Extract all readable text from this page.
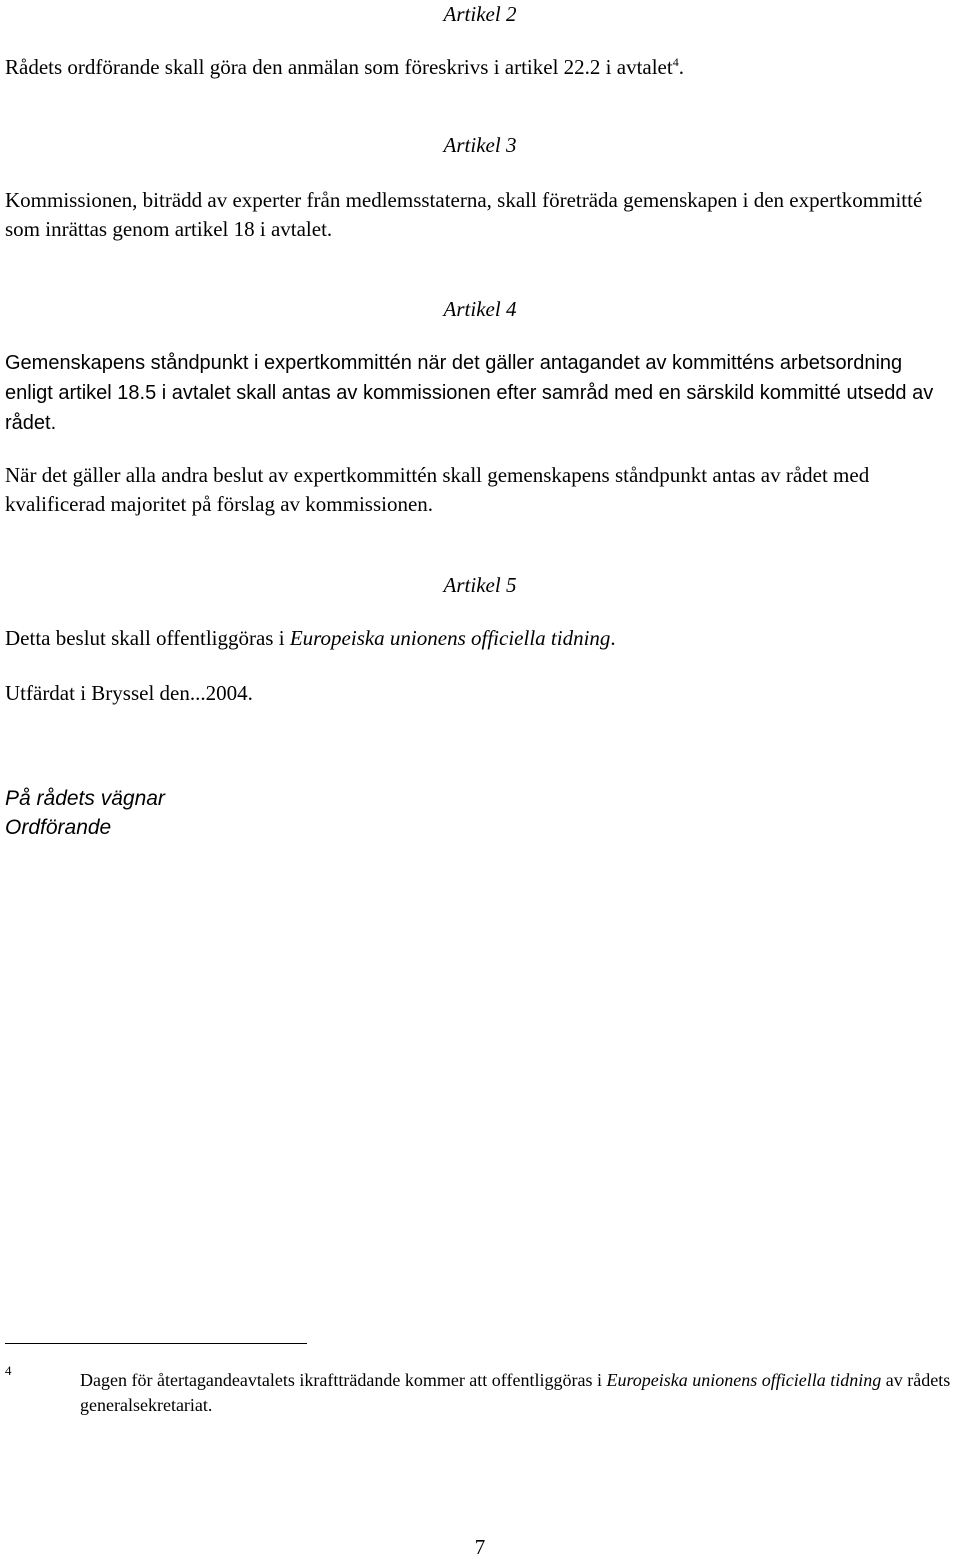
Artikel 2

Rådets ordförande skall göra den anmälan som föreskrivs i artikel 22.2 i avtalet$^4$.

Artikel 3

Kommissionen, biträdd av experter från medlemsstaterna, skall företräda gemenskapen i den expertkommitté som inrättas genom artikel 18 i avtalet.

Artikel 4

Gemenskapens ståndpunkt i expertkommittén när det gäller antagandet av kommitténs arbetsordning enligt artikel 18.5 i avtalet skall antas av kommissionen efter samråd med en särskild kommitté utsedd av rådet.

När det gäller alla andra beslut av expertkommittén skall gemenskapens ståndpunkt antas av rådet med kvalificerad majoritet på förslag av kommissionen.

Artikel 5

Detta beslut skall offentliggöras i Europeiska unionens officiella tidning.

Utfärdat i Bryssel den...2004.

På rådets vägnar

Ordförande

4	Dagen för återtagandeavtalets ikraftträdande kommer att offentliggöras i Europeiska unionens officiella tidning av rådets generalsekretariat.

7
